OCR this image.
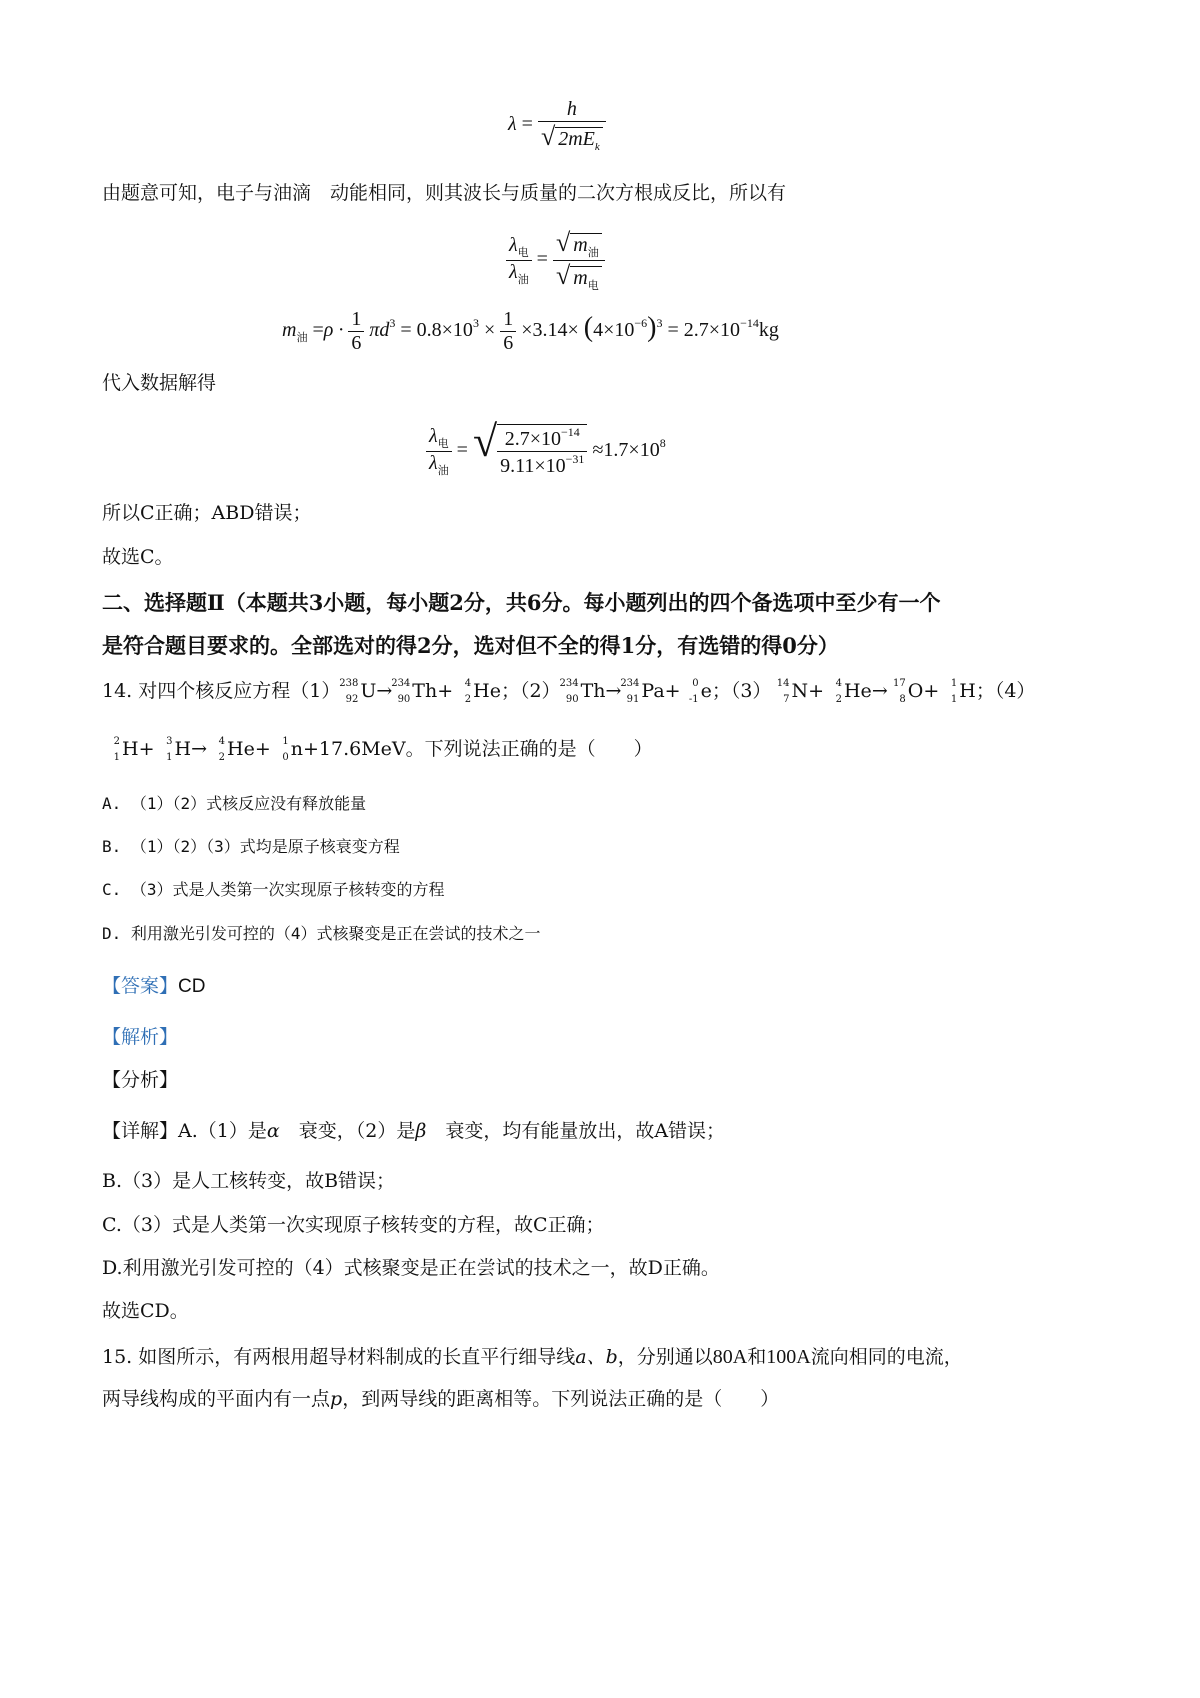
$\lambda = \frac{h}{√ 2mE_k}$

由题意可知，电子与油滴　动能相同，则其波长与质量的二次方根成反比，所以有

$\frac{\lambda_电}{\lambda_油} = \frac{√ m_油}{√ m_电}$
$m_油 =\rho \cdot \frac{1}{6} \pi d^3 = 0.8\times 10^3 \times \frac{1}{6} \times 3.14\times (4\times 10^{-6})^3 = 2.7\times 10^{-14}kg$

代入数据解得

$\frac{\lambda_电}{\lambda_油}$ = √ $\frac{2.7\times 10^{-14}}{9.11\times 10^{-31}} \approx 1.7\times 10^8$

所以C正确；ABD错误；

故选C。

二、选择题Ⅱ（本题共3小题，每小题2分，共6分。每小题列出的四个备选项中至少有一个

是符合题目要求的。全部选对的得2分，选对但不全的得1分，有选错的得0分）

14. 对四个核反应方程（1）
238
92 U→
234
90 Th+ 4
2 He；（2）
234
90 Th→
234
91 Pa+ 0
-1 e；（3） 14
7 N+ 4
2 He→ 17
8 O+ 1
1 H；（4）
2
1 H+ 3
1 H→ 4
2 He+ 1
0 n+17.6MeV。下列说法正确的是（　　）

A. （1）（2）式核反应没有释放能量

B. （1）（2）（3）式均是原子核衰变方程

C. （3）式是人类第一次实现原子核转变的方程

D. 利用激光引发可控的（4）式核聚变是正在尝试的技术之一

【答案】CD

【解析】

【分析】

【详解】A.（1）是α　 衰变，（2）是β　 衰变，均有能量放出，故A错误；

B.（3）是人工核转变，故B错误；

C.（3）式是人类第一次实现原子核转变的方程，故C正确；

D.利用激光引发可控的（4）式核聚变是正在尝试的技术之一，故D正确。

故选CD。

15. 如图所示，有两根用超导材料制成的长直平行细导线a、b，分别通以80A和100A流向相同的电流，
两导线构成的平面内有一点p，到两导线的距离相等。下列说法正确的是（　　）
